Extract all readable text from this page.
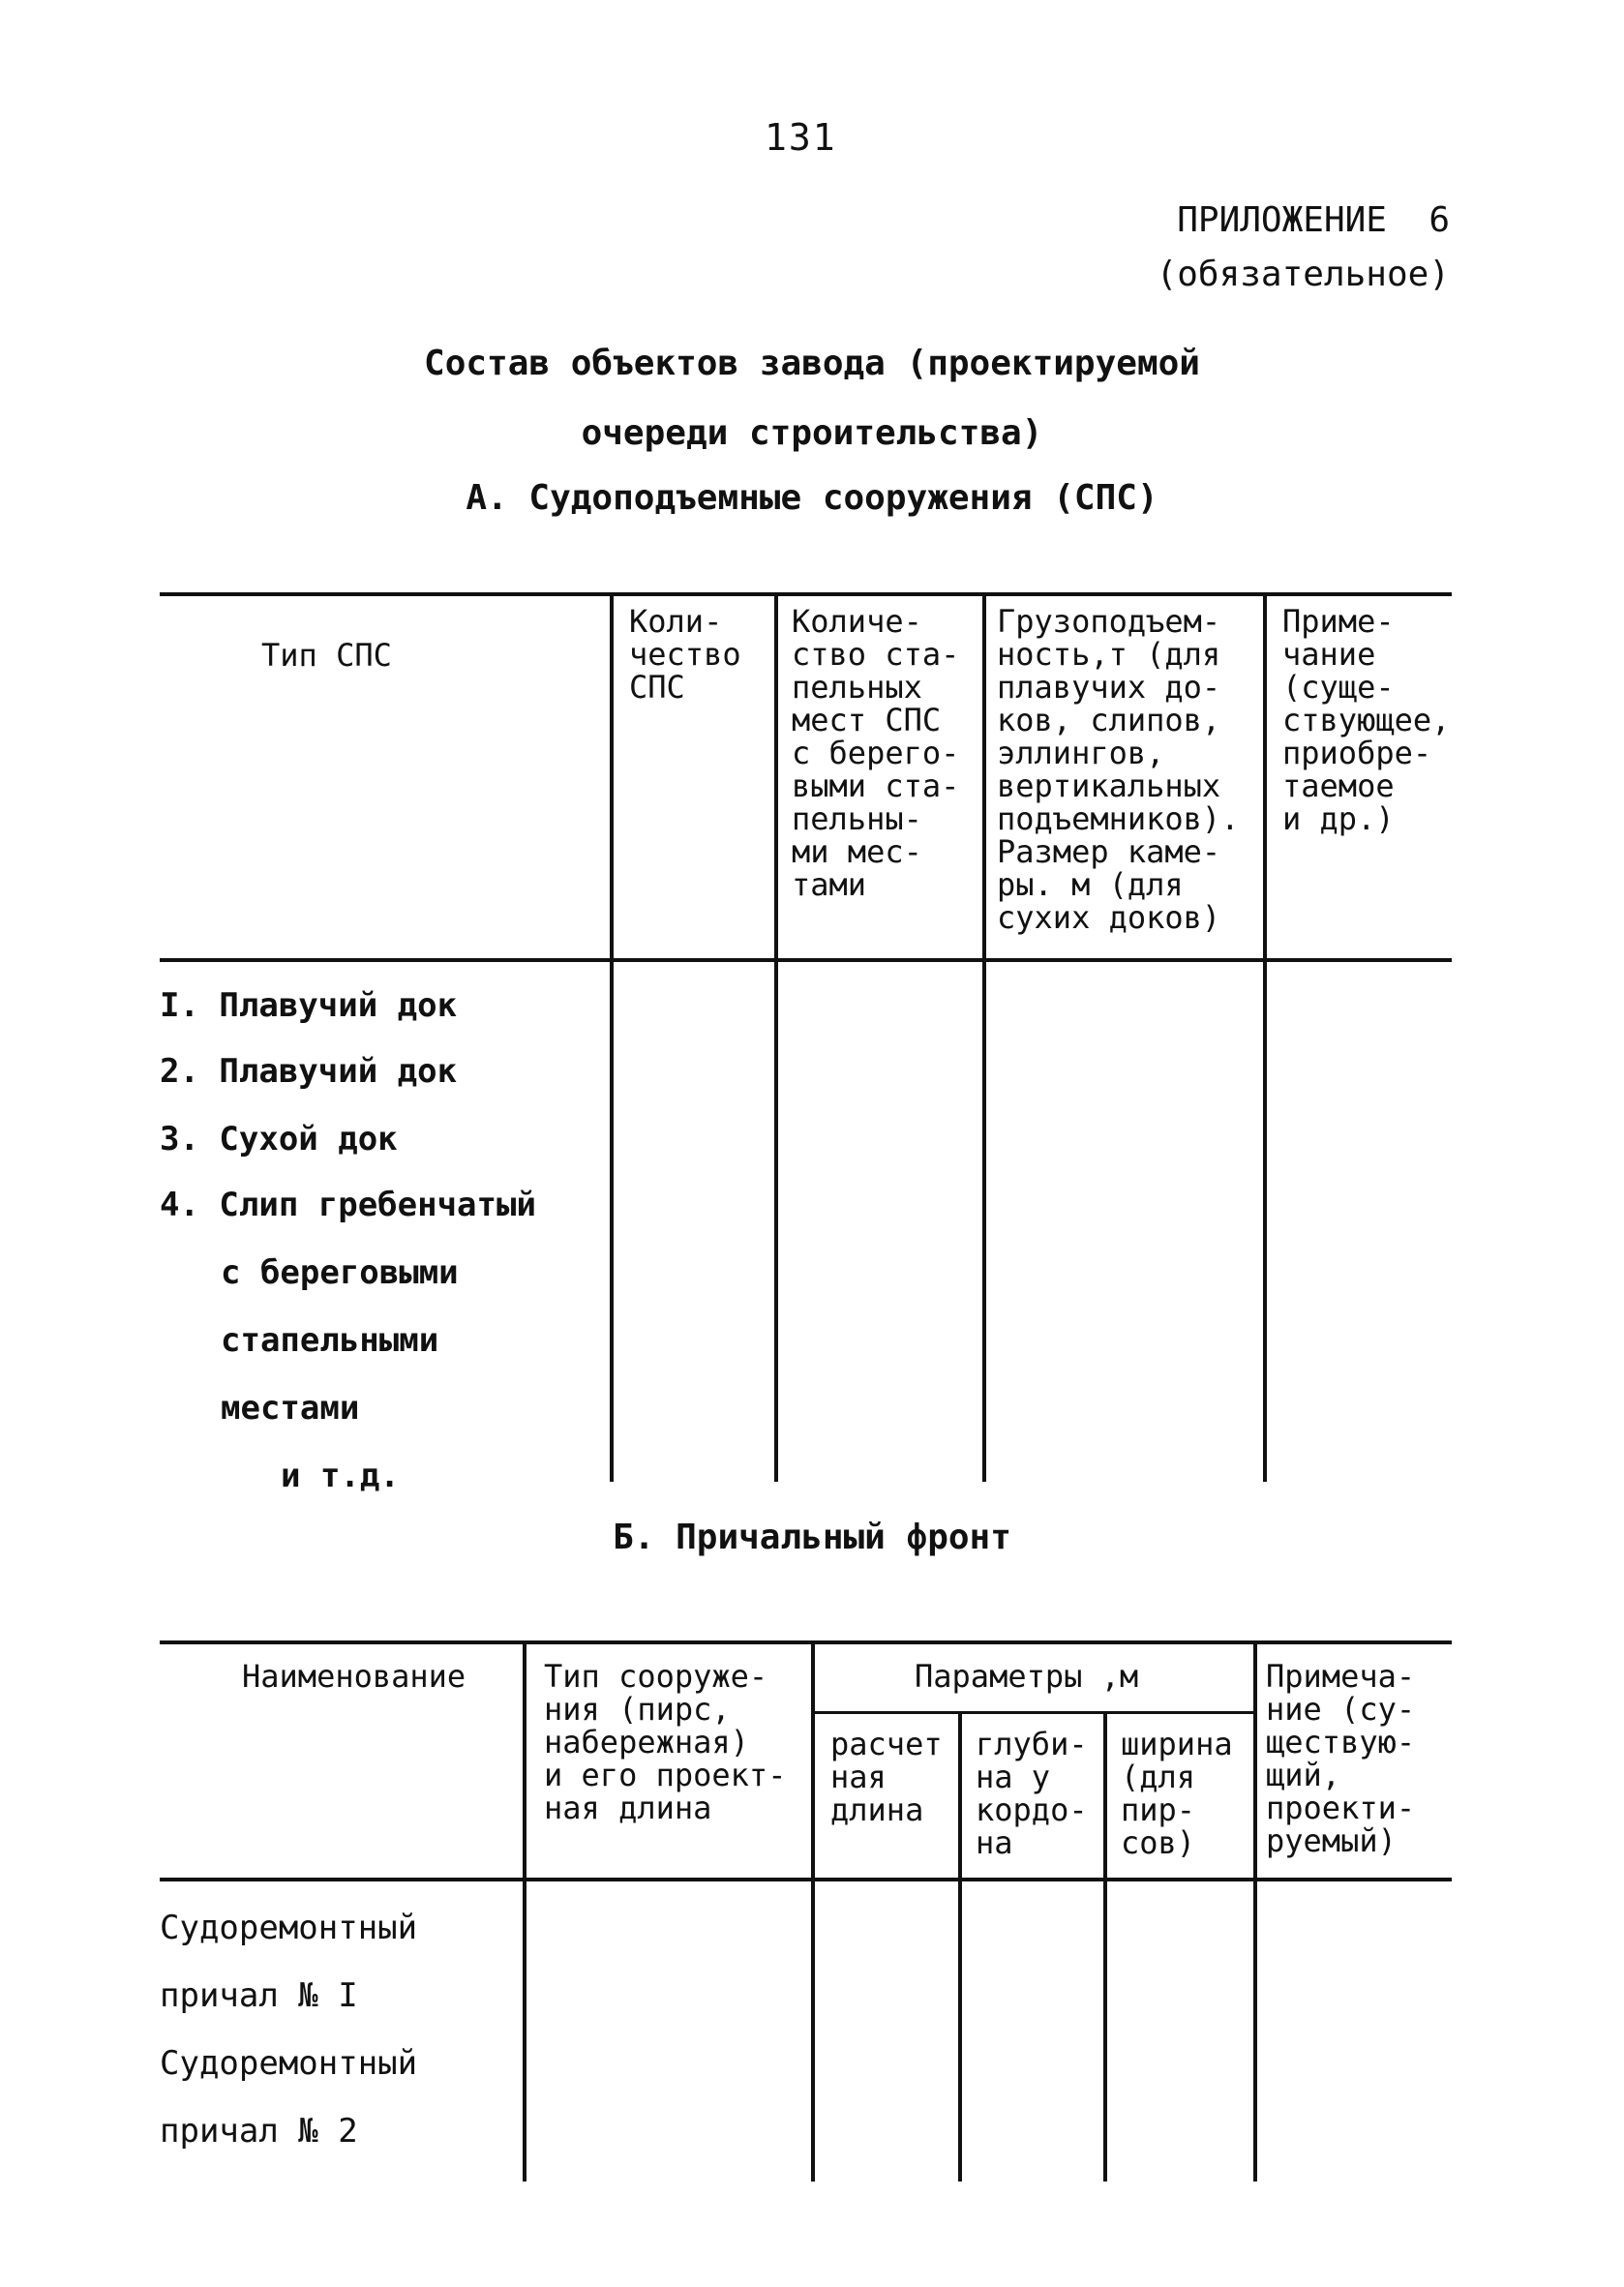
131
ПРИЛОЖЕНИЕ  6
(обязательное)
Состав объектов завода (проектируемой
очереди строительства)
А. Судоподъемные сооружения (СПС)
Тип СПС
Коли-
чество
СПС
Количе-
ство ста-
пельных
мест СПС
с берего-
выми ста-
пельны-
ми мес-
тами
Грузоподъем-
ность,т (для
плавучих до-
ков, слипов,
эллингов,
вертикальных
подъемников).
Размер каме-
ры. м (для
сухих доков)
Приме-
чание
(суще-
ствующее,
приобре-
таемое
и др.)
I. Плавучий док
2. Плавучий док
3. Сухой док
4. Слип гребенчатый
с береговыми
стапельными
местами
и т.д.
Б. Причальный фронт
Наименование	Тип сооруже-
ния (пирс,
набережная)
и его проект-
ная длина
Параметры ,м
расчет
ная
длина
глуби-
на у
кордо-
на
ширина
(для
пир-
сов)
Примеча-
ние (су-
ществую-
щий,
проекти-
руемый)
Судоремонтный
причал № I
Судоремонтный
причал № 2
